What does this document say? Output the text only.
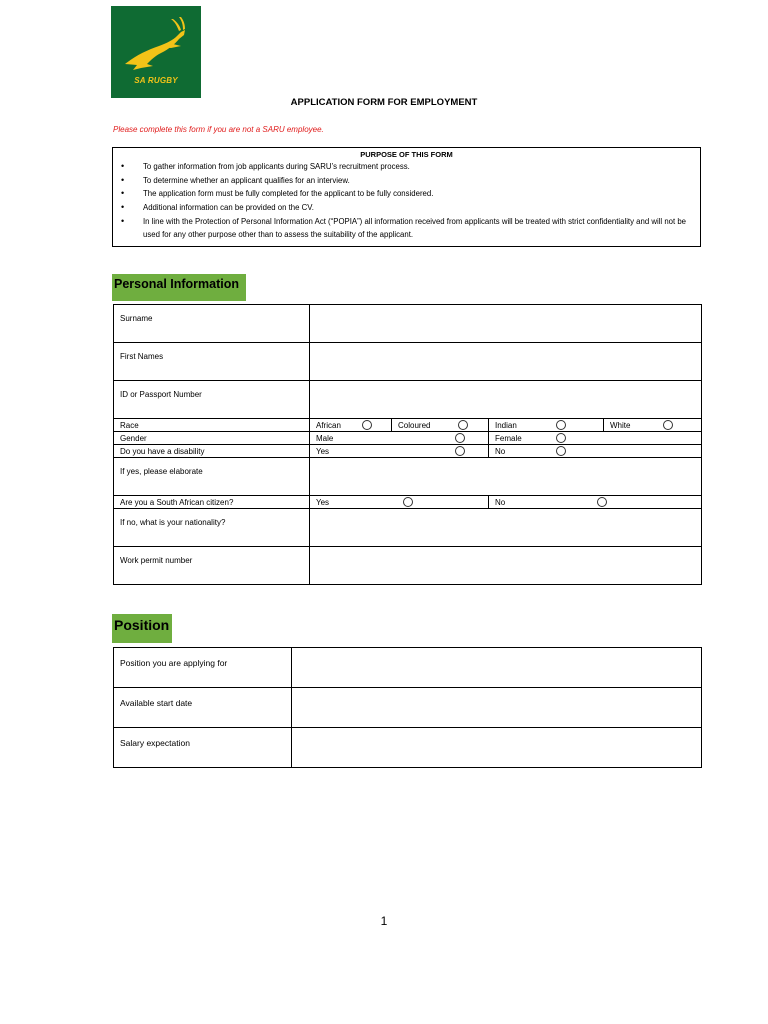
SA RUGBY
APPLICATION FORM FOR EMPLOYMENT
Please complete this form if you are not a SARU employee.
PURPOSE OF THIS FORM
• To gather information from job applicants during SARU’s recruitment process.
• To determine whether an applicant qualifies for an interview.
• The application form must be fully completed for the applicant to be fully considered.
• Additional information can be provided on the CV.
• In line with the Protection of Personal Information Act (“POPIA”) all information received from applicants will be treated with strict confidentiality and will not be used for any other purpose other than to assess the suitability of the applicant.
Personal Information
Surname				
First Names				
ID or Passport Number				
Race	African	Coloured	Indian	White

Gender	Male		Female	

Do you have a disability	Yes		No	

If yes, please elaborate				
Are you a South African citizen?	Yes		No	

If no, what is your nationality?				
Work permit number				
Position
Position you are applying for	
Available start date	
Salary expectation	
1
